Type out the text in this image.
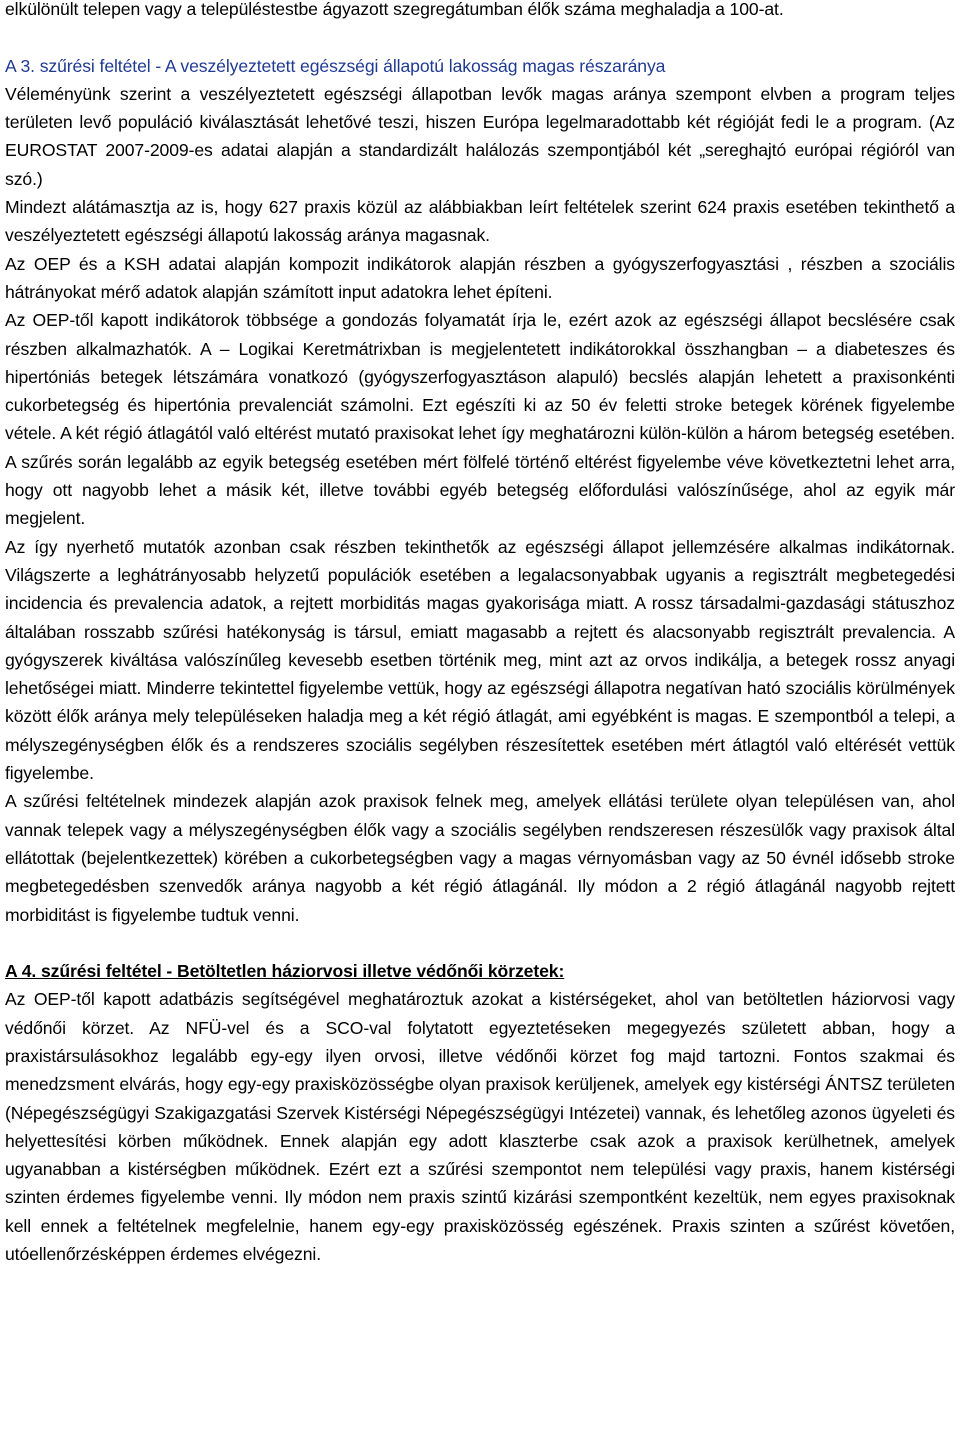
elkülönült telepen vagy a településtestbe ágyazott szegregátumban élők száma meghaladja a 100-at.

A 3. szűrési feltétel - A veszélyeztetett egészségi állapotú lakosság magas részaránya

Véleményünk szerint a veszélyeztetett egészségi állapotban levők magas aránya szempont elvben a program teljes területen levő populáció kiválasztását lehetővé teszi, hiszen Európa legelmaradottabb két régióját fedi le a program. (Az EUROSTAT 2007-2009-es adatai alapján a standardizált halálozás szempontjából két „sereghajtó európai régióról van szó.)

Mindezt alátámasztja az is, hogy 627 praxis közül az alábbiakban leírt feltételek szerint 624 praxis esetében tekinthető a veszélyeztetett egészségi állapotú lakosság aránya magasnak.

Az OEP és a KSH adatai alapján kompozit indikátorok alapján részben a gyógyszerfogyasztási , részben a szociális hátrányokat mérő adatok alapján számított input adatokra lehet építeni.

Az OEP-től kapott indikátorok többsége a gondozás folyamatát írja le, ezért azok az egészségi állapot becslésére csak részben alkalmazhatók. A – Logikai Keretmátrixban is megjelentetett indikátorokkal összhangban – a diabeteszes és hipertóniás betegek létszámára vonatkozó (gyógyszerfogyasztáson alapuló) becslés alapján lehetett a praxisonkénti cukorbetegség és hipertónia prevalenciát számolni. Ezt egészíti ki az 50 év feletti stroke betegek körének figyelembe vétele. A két régió átlagától való eltérést mutató praxisokat lehet így meghatározni külön-külön a három betegség esetében. A szűrés során legalább az egyik betegség esetében mért fölfelé történő eltérést figyelembe véve következtetni lehet arra, hogy ott nagyobb lehet a másik két, illetve további egyéb betegség előfordulási valószínűsége, ahol az egyik már megjelent.

Az így nyerhető mutatók azonban csak részben tekinthetők az egészségi állapot jellemzésére alkalmas indikátornak. Világszerte a leghátrányosabb helyzetű populációk esetében a legalacsonyabbak ugyanis a regisztrált megbetegedési incidencia és prevalencia adatok, a rejtett morbiditás magas gyakorisága miatt. A rossz társadalmi-gazdasági státuszhoz általában rosszabb szűrési hatékonyság is társul, emiatt magasabb a rejtett és alacsonyabb regisztrált prevalencia. A gyógyszerek kiváltása valószínűleg kevesebb esetben történik meg, mint azt az orvos indikálja, a betegek rossz anyagi lehetőségei miatt. Minderre tekintettel figyelembe vettük, hogy az egészségi állapotra negatívan ható szociális körülmények között élők aránya mely településeken haladja meg a két régió átlagát, ami egyébként is magas. E szempontból a telepi, a mélyszegénységben élők és a rendszeres szociális segélyben részesítettek esetében mért átlagtól való eltérését vettük figyelembe.

A szűrési feltételnek mindezek alapján azok praxisok felnek meg, amelyek ellátási területe olyan településen van, ahol vannak telepek vagy a mélyszegénységben élők vagy a szociális segélyben rendszeresen részesülők vagy praxisok által ellátottak (bejelentkezettek) körében a cukorbetegségben vagy a magas vérnyomásban vagy az 50 évnél idősebb stroke megbetegedésben szenvedők aránya nagyobb a két régió átlagánál. Ily módon a 2 régió átlagánál nagyobb rejtett morbiditást is figyelembe tudtuk venni.

A 4. szűrési feltétel - Betöltetlen háziorvosi illetve védőnői körzetek:

Az OEP-től kapott adatbázis segítségével meghatároztuk azokat a kistérségeket, ahol van betöltetlen háziorvosi vagy védőnői körzet. Az NFÜ-vel és a SCO-val folytatott egyeztetéseken megegyezés született abban, hogy a praxistársulásokhoz legalább egy-egy ilyen orvosi, illetve védőnői körzet fog majd tartozni. Fontos szakmai és menedzsment elvárás, hogy egy-egy praxisközösségbe olyan praxisok kerüljenek, amelyek egy kistérségi ÁNTSZ területen (Népegészségügyi Szakigazgatási Szervek Kistérségi Népegészségügyi Intézetei) vannak, és lehetőleg azonos ügyeleti és helyettesítési körben működnek. Ennek alapján egy adott klaszterbe csak azok a praxisok kerülhetnek, amelyek ugyanabban a kistérségben működnek. Ezért ezt a szűrési szempontot nem települési vagy praxis, hanem kistérségi szinten érdemes figyelembe venni. Ily módon nem praxis szintű kizárási szempontként kezeltük, nem egyes praxisoknak kell ennek a feltételnek megfelelnie, hanem egy-egy praxisközösség egészének. Praxis szinten a szűrést követően, utóellenőrzésképpen érdemes elvégezni.
